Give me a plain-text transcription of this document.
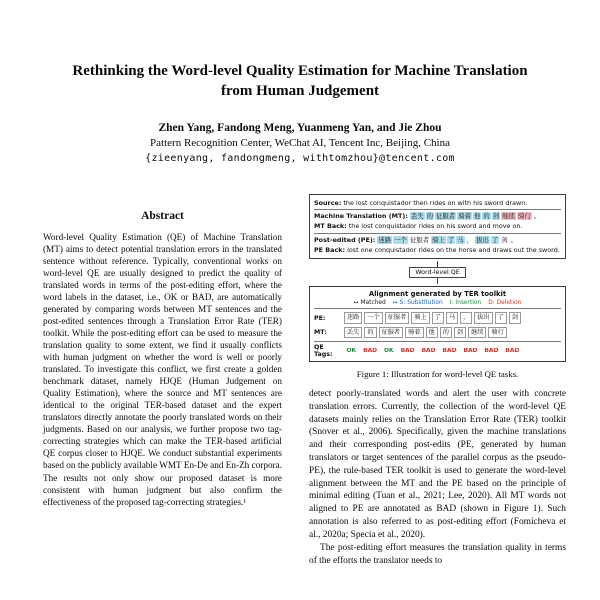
Rethinking the Word-level Quality Estimation for Machine Translation
from Human Judgement
Zhen Yang, Fandong Meng, Yuanmeng Yan, and Jie Zhou
Pattern Recognition Center, WeChat AI, Tencent Inc, Beijing, China
{zieenyang, fandongmeng, withtomzhou}@tencent.com
Abstract

Word-level Quality Estimation (QE) of Machine Translation (MT) aims to detect potential translation errors in the translated sentence without reference. Typically, conventional works on word-level QE are usually designed to predict the quality of translated words in terms of the post-editing effort, where the word labels in the dataset, i.e., OK or BAD, are automatically generated by comparing words between MT sentences and the post-edited sentences through a Translation Error Rate (TER) toolkit. While the post-editing effort can be used to measure the translation quality to some extent, we find it usually conflicts with human judgment on whether the word is well or poorly translated. To investigate this conflict, we first create a golden benchmark dataset, namely HJQE (Human Judgement on Quality Estimation), where the source and MT sentences are identical to the original TER-based dataset and the expert translators directly annotate the poorly translated words on their judgments. Based on our analysis, we further propose two tag-correcting strategies which can make the TER-based artificial QE corpus closer to HJQE. We conduct substantial experiments based on the publicly available WMT En-De and En-Zh corpora. The results not only show our proposed dataset is more consistent with human judgment but also confirm the effectiveness of the proposed tag-correcting strategies.¹

Source: the lost conquistador then rides on with his sword drawn.
Machine Translation (MT): 丢失 的 征服者 骑着 他 的 剑 继续 骑行 。
MT Back: the lost conquistador rides on his sword and move on.
Post-edited (PE): 迷路 一个 征服者 骑上 了 马 ， 拔出 了 剑 。
PE Back: lost one conquistador rides on the horse and draws out the sword.
Word-level QE
Alignment generated by TER toolkit
↔ Matched ↔ S: Substitution I: Insertion D: Deletion
PE:	迷路	一个	征服者	骑上	了	马	，	拔出	了	剑
MT:	丢失	的	征服者	骑着	他	的	剑	继续	骑行
QE Tags:	OK	BAD	OK	BAD	BAD	BAD	BAD	BAD	BAD
Figure 1: Illustration for word-level QE tasks.

detect poorly-translated words and alert the user with concrete translation errors. Currently, the collection of the word-level QE datasets mainly relies on the Translation Error Rate (TER) toolkit (Snover et al., 2006). Specifically, given the machine translations and their corresponding post-edits (PE, generated by human translators or target sentences of the parallel corpus as the pseudo-PE), the rule-based TER toolkit is used to generate the word-level alignment between the MT and the PE based on the principle of minimal editing (Tuan et al., 2021; Lee, 2020). All MT words not aligned to PE are annotated as BAD (shown in Figure 1). Such annotation is also referred to as post-editing effort (Fomicheva et al., 2020a; Specia et al., 2020).

The post-editing effort measures the translation quality in terms of the efforts the translator needs to
